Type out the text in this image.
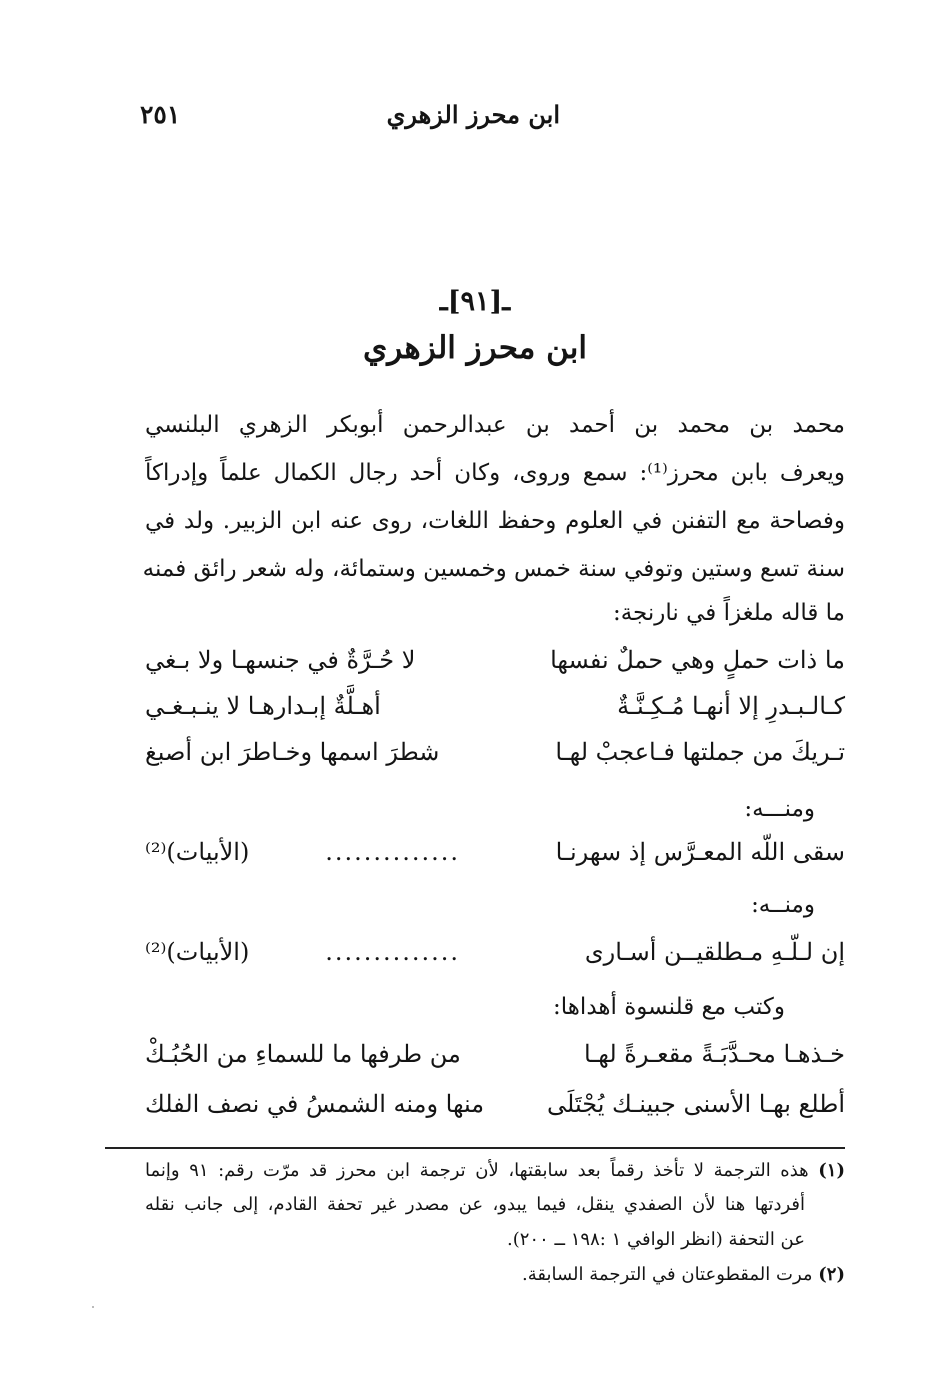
ابن محرز الزهري
٢٥١
ـ[٩١]ـ
ابن محرز الزهري
محمد بن محمد بن أحمد بن عبدالرحمن أبوبكر الزهري البلنسي
ويعرف بابن محرز⁽¹⁾: سمع وروى، وكان أحد رجال الكمال علماً وإدراكاً
وفصاحة مع التفنن في العلوم وحفظ اللغات، روى عنه ابن الزبير. ولد في
سنة تسع وستين وتوفي سنة خمس وخمسين وستمائة، وله شعر رائق فمنه
ما قاله ملغزاً في نارنجة:
ما ذات حملٍ وهي حملٌ نفسها
لا حُـرَّةٌ في جنسهـا ولا بـغي
كـالـبـدرِ إلا أنهـا مُـكِـنَّـةٌ
أهـلَّةٌ إبـدارهـا لا ينـبـغـي
تـريكَ من جملتها فـاعجبْ لهـا
شطرَ اسمها وخـاطرَ ابن أصبغ
ومنـــه:
سقى اللّه المعـرَّس إذ سهرنـا
..............
(الأبيات)⁽²⁾
ومنــه:
إن لـلّـهِ مـطلقيــن أسـارى
..............
(الأبيات)⁽²⁾
وكتب مع قلنسوة أهداها:
خـذهـا محـدَّبَـةً مقعـرةً لهـا
من طرفها ما للسماءِ من الحُبُـكْ
أطلع بهـا الأسنى جبينـك يُجْتَلَى
منها ومنه الشمسُ في نصف الفلك
(١) هذه الترجمة لا تأخذ رقماً بعد سابقتها، لأن ترجمة ابن محرز قد مرّت رقم: ٩١ وإنما
أفردتها هنا لأن الصفدي ينقل، فيما يبدو، عن مصدر غير تحفة القادم، إلى جانب نقله
عن التحفة (انظر الوافي ١ :١٩٨ ــ ٢٠٠).
(٢) مرت المقطوعتان في الترجمة السابقة.
